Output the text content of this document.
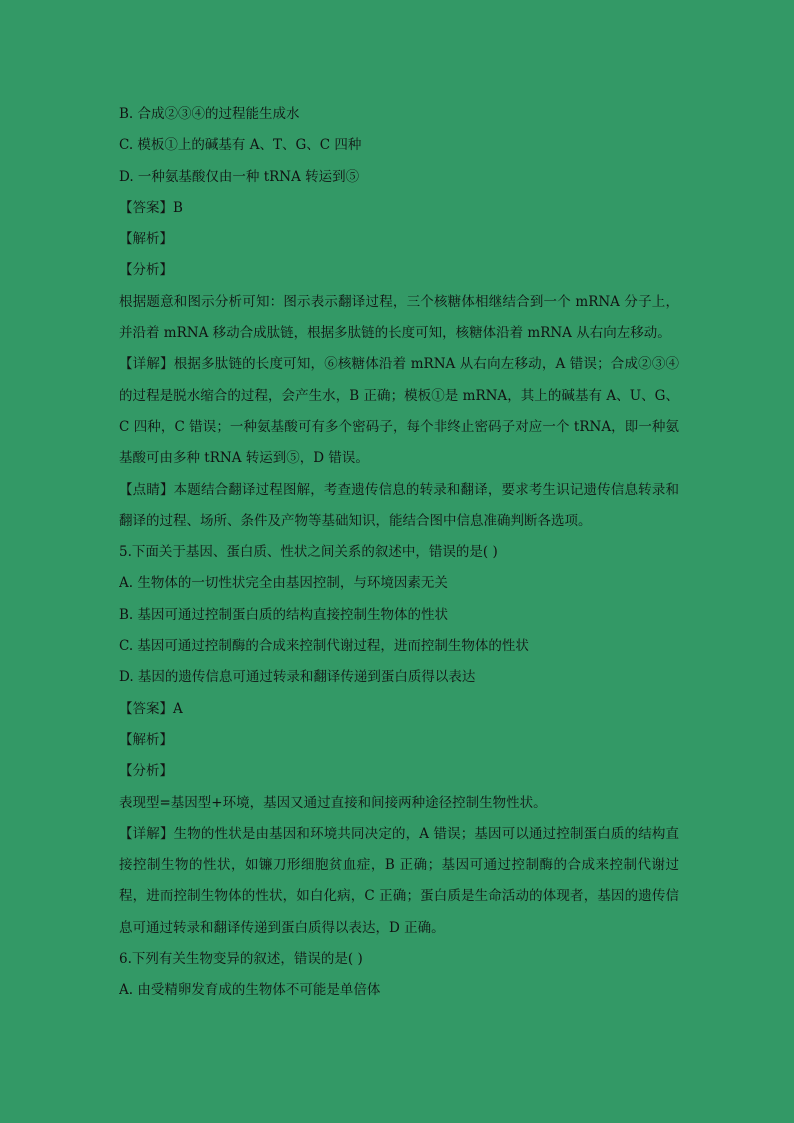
B. 合成②③④的过程能生成水
C. 模板①上的碱基有 A、T、G、C 四种
D. 一种氨基酸仅由一种 tRNA 转运到⑤
【答案】B
【解析】
【分析】
根据题意和图示分析可知：图示表示翻译过程，三个核糖体相继结合到一个 mRNA 分子上，并沿着 mRNA 移动合成肽链，根据多肽链的长度可知，核糖体沿着 mRNA 从右向左移动。
【详解】根据多肽链的长度可知，⑥核糖体沿着 mRNA 从右向左移动，A 错误；合成②③④的过程是脱水缩合的过程，会产生水，B 正确；模板①是 mRNA，其上的碱基有 A、U、G、C 四种，C 错误；一种氨基酸可有多个密码子，每个非终止密码子对应一个 tRNA，即一种氨基酸可由多种 tRNA 转运到⑤，D 错误。
【点睛】本题结合翻译过程图解，考查遗传信息的转录和翻译，要求考生识记遗传信息转录和翻译的过程、场所、条件及产物等基础知识，能结合图中信息准确判断各选项。
5.下面关于基因、蛋白质、性状之间关系的叙述中，错误的是( )
A. 生物体的一切性状完全由基因控制，与环境因素无关
B. 基因可通过控制蛋白质的结构直接控制生物体的性状
C. 基因可通过控制酶的合成来控制代谢过程，进而控制生物体的性状
D. 基因的遗传信息可通过转录和翻译传递到蛋白质得以表达
【答案】A
【解析】
【分析】
表现型=基因型+环境，基因又通过直接和间接两种途径控制生物性状。
【详解】生物的性状是由基因和环境共同决定的，A 错误；基因可以通过控制蛋白质的结构直接控制生物的性状，如镰刀形细胞贫血症，B 正确；基因可通过控制酶的合成来控制代谢过程，进而控制生物体的性状，如白化病，C 正确；蛋白质是生命活动的体现者，基因的遗传信息可通过转录和翻译传递到蛋白质得以表达，D 正确。
6.下列有关生物变异的叙述，错误的是( )
A. 由受精卵发育成的生物体不可能是单倍体
